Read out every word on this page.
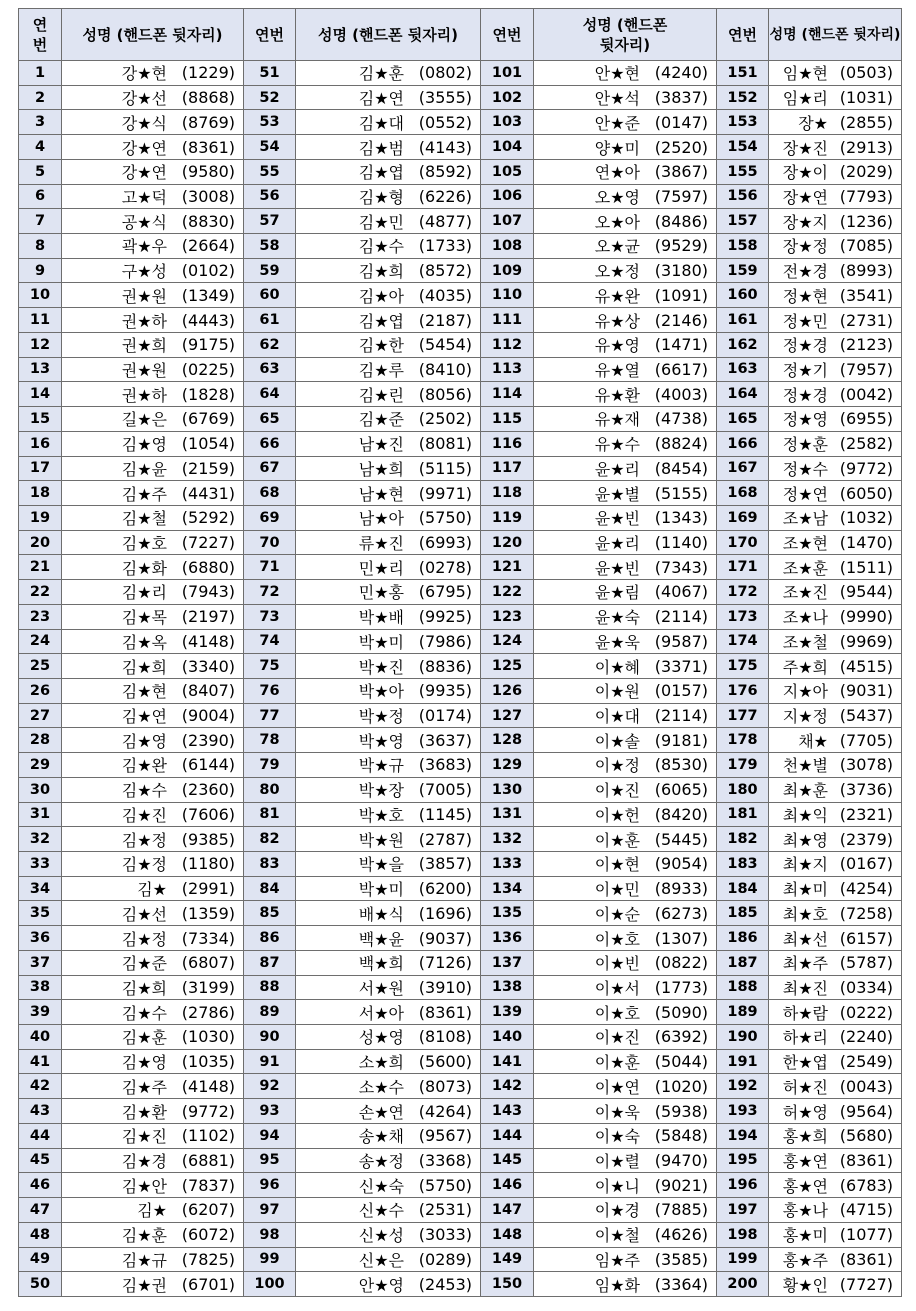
연
번	성명 (핸드폰 뒷자리)	연번	성명 (핸드폰 뒷자리)	연번	성명 (핸드폰
뒷자리)	연번	성명 (핸드폰 뒷자리)
1	강★현 (1229)	51	김★훈 (0802)	101	안★현 (4240)	151	임★현 (0503)

2	강★선 (8868)	52	김★연 (3555)	102	안★석 (3837)	152	임★리 (1031)

3	강★식 (8769)	53	김★대 (0552)	103	안★준 (0147)	153	장★ (2855)

4	강★연 (8361)	54	김★범 (4143)	104	양★미 (2520)	154	장★진 (2913)

5	강★연 (9580)	55	김★엽 (8592)	105	연★아 (3867)	155	장★이 (2029)

6	고★덕 (3008)	56	김★형 (6226)	106	오★영 (7597)	156	장★연 (7793)

7	공★식 (8830)	57	김★민 (4877)	107	오★아 (8486)	157	장★지 (1236)

8	곽★우 (2664)	58	김★수 (1733)	108	오★균 (9529)	158	장★정 (7085)

9	구★성 (0102)	59	김★희 (8572)	109	오★정 (3180)	159	전★경 (8993)

10	권★원 (1349)	60	김★아 (4035)	110	유★완 (1091)	160	정★현 (3541)

11	권★하 (4443)	61	김★엽 (2187)	111	유★상 (2146)	161	정★민 (2731)

12	권★희 (9175)	62	김★한 (5454)	112	유★영 (1471)	162	정★경 (2123)

13	권★원 (0225)	63	김★루 (8410)	113	유★열 (6617)	163	정★기 (7957)

14	권★하 (1828)	64	김★린 (8056)	114	유★환 (4003)	164	정★경 (0042)

15	길★은 (6769)	65	김★준 (2502)	115	유★재 (4738)	165	정★영 (6955)

16	김★영 (1054)	66	남★진 (8081)	116	유★수 (8824)	166	정★훈 (2582)

17	김★윤 (2159)	67	남★희 (5115)	117	윤★리 (8454)	167	정★수 (9772)

18	김★주 (4431)	68	남★현 (9971)	118	윤★별 (5155)	168	정★연 (6050)

19	김★철 (5292)	69	남★아 (5750)	119	윤★빈 (1343)	169	조★남 (1032)

20	김★호 (7227)	70	류★진 (6993)	120	윤★리 (1140)	170	조★현 (1470)

21	김★화 (6880)	71	민★리 (0278)	121	윤★빈 (7343)	171	조★훈 (1511)

22	김★리 (7943)	72	민★홍 (6795)	122	윤★림 (4067)	172	조★진 (9544)

23	김★목 (2197)	73	박★배 (9925)	123	윤★숙 (2114)	173	조★나 (9990)

24	김★옥 (4148)	74	박★미 (7986)	124	윤★욱 (9587)	174	조★철 (9969)

25	김★희 (3340)	75	박★진 (8836)	125	이★혜 (3371)	175	주★희 (4515)

26	김★현 (8407)	76	박★아 (9935)	126	이★원 (0157)	176	지★아 (9031)

27	김★연 (9004)	77	박★정 (0174)	127	이★대 (2114)	177	지★정 (5437)

28	김★영 (2390)	78	박★영 (3637)	128	이★솔 (9181)	178	채★ (7705)

29	김★완 (6144)	79	박★규 (3683)	129	이★정 (8530)	179	천★별 (3078)

30	김★수 (2360)	80	박★장 (7005)	130	이★진 (6065)	180	최★훈 (3736)

31	김★진 (7606)	81	박★호 (1145)	131	이★헌 (8420)	181	최★익 (2321)

32	김★정 (9385)	82	박★원 (2787)	132	이★훈 (5445)	182	최★영 (2379)

33	김★정 (1180)	83	박★을 (3857)	133	이★현 (9054)	183	최★지 (0167)

34	김★ (2991)	84	박★미 (6200)	134	이★민 (8933)	184	최★미 (4254)

35	김★선 (1359)	85	배★식 (1696)	135	이★순 (6273)	185	최★호 (7258)

36	김★정 (7334)	86	백★윤 (9037)	136	이★호 (1307)	186	최★선 (6157)

37	김★준 (6807)	87	백★희 (7126)	137	이★빈 (0822)	187	최★주 (5787)

38	김★희 (3199)	88	서★원 (3910)	138	이★서 (1773)	188	최★진 (0334)

39	김★수 (2786)	89	서★아 (8361)	139	이★호 (5090)	189	하★람 (0222)

40	김★훈 (1030)	90	성★영 (8108)	140	이★진 (6392)	190	하★리 (2240)

41	김★영 (1035)	91	소★희 (5600)	141	이★훈 (5044)	191	한★엽 (2549)

42	김★주 (4148)	92	소★수 (8073)	142	이★연 (1020)	192	허★진 (0043)

43	김★환 (9772)	93	손★연 (4264)	143	이★욱 (5938)	193	허★영 (9564)

44	김★진 (1102)	94	송★채 (9567)	144	이★숙 (5848)	194	홍★희 (5680)

45	김★경 (6881)	95	송★정 (3368)	145	이★렬 (9470)	195	홍★연 (8361)

46	김★안 (7837)	96	신★숙 (5750)	146	이★니 (9021)	196	홍★연 (6783)

47	김★ (6207)	97	신★수 (2531)	147	이★경 (7885)	197	홍★나 (4715)

48	김★훈 (6072)	98	신★성 (3033)	148	이★철 (4626)	198	홍★미 (1077)

49	김★규 (7825)	99	신★은 (0289)	149	임★주 (3585)	199	홍★주 (8361)

50	김★권 (6701)	100	안★영 (2453)	150	임★화 (3364)	200	황★인 (7727)
